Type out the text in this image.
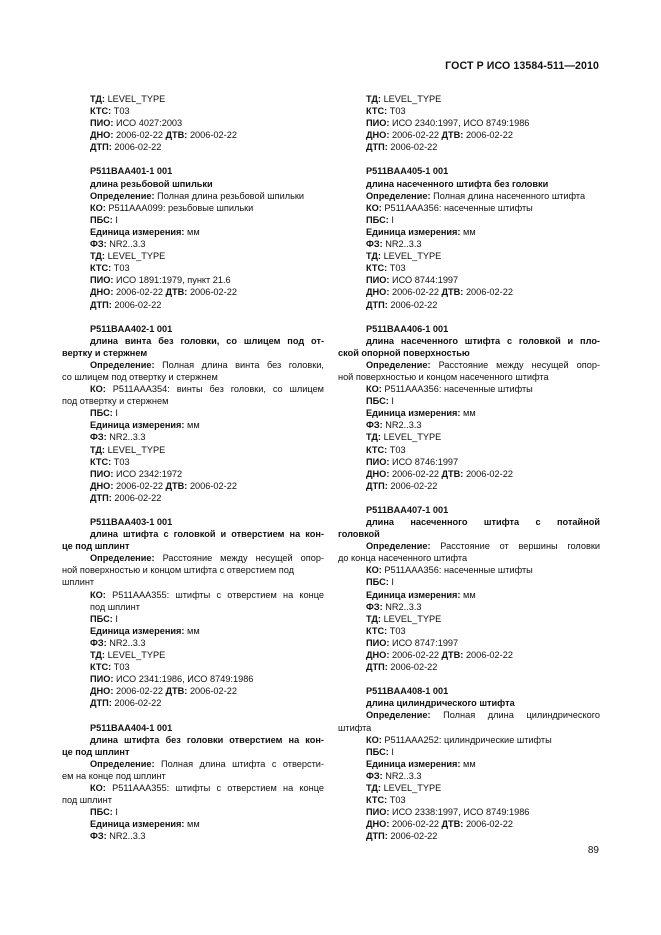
ГОСТ Р ИСО 13584-511—2010
ТД: LEVEL_TYPE
КТС: T03
ПИО: ИСО 4027:2003
ДНО: 2006-02-22 ДТВ: 2006-02-22
ДТП: 2006-02-22
P511BAA401-1 001
длина резьбовой шпильки
Определение: Полная длина резьбовой шпильки
КО: P511AAA099: резьбовые шпильки
ПБС: I
Единица измерения: мм
ФЗ: NR2..3.3
ТД: LEVEL_TYPE
КТС: T03
ПИО: ИСО 1891:1979, пункт 21.6
ДНО: 2006-02-22 ДТВ: 2006-02-22
ДТП: 2006-02-22
P511BAA402-1 001
длина винта без головки, со шлицем под от-
вертку и стержнем
Определение: Полная длина винта без головки,
со шлицем под отвертку и стержнем
КО: P511AAA354: винты без головки, со шлицем
под отвертку и стержнем
ПБС: I
Единица измерения: мм
ФЗ: NR2..3.3
ТД: LEVEL_TYPE
КТС: T03
ПИО: ИСО 2342:1972
ДНО: 2006-02-22 ДТВ: 2006-02-22
ДТП: 2006-02-22
P511BAA403-1 001
длина штифта с головкой и отверстием на кон-
це под шплинт
Определение: Расстояние между несущей опор-
ной поверхностью и концом штифта с отверстием под
шплинт
КО: P511AAA355: штифты с отверстием на конце
под шплинт
ПБС: I
Единица измерения: мм
ФЗ: NR2..3.3
ТД: LEVEL_TYPE
КТС: T03
ПИО: ИСО 2341:1986, ИСО 8749:1986
ДНО: 2006-02-22 ДТВ: 2006-02-22
ДТП: 2006-02-22
P511BAA404-1 001
длина штифта без головки отверстием на кон-
це под шплинт
Определение: Полная длина штифта с отверсти-
ем на конце под шплинт
КО: P511AAA355: штифты с отверстием на конце
под шплинт
ПБС: I
Единица измерения: мм
ФЗ: NR2..3.3
ТД: LEVEL_TYPE
КТС: T03
ПИО: ИСО 2340:1997, ИСО 8749:1986
ДНО: 2006-02-22 ДТВ: 2006-02-22
ДТП: 2006-02-22
P511BAA405-1 001
длина насеченного штифта без головки
Определение: Полная длина насеченного штифта
КО: P511AAA356: насеченные штифты
ПБС: I
Единица измерения: мм
ФЗ: NR2..3.3
ТД: LEVEL_TYPE
КТС: T03
ПИО: ИСО 8744:1997
ДНО: 2006-02-22 ДТВ: 2006-02-22
ДТП: 2006-02-22
P511BAA406-1 001
длина насеченного штифта с головкой и пло-
ской опорной поверхностью
Определение: Расстояние между несущей опор-
ной поверхностью и концом насеченного штифта
КО: P511AAA356: насеченные штифты
ПБС: I
Единица измерения: мм
ФЗ: NR2..3.3
ТД: LEVEL_TYPE
КТС: T03
ПИО: ИСО 8746:1997
ДНО: 2006-02-22 ДТВ: 2006-02-22
ДТП: 2006-02-22
P511BAA407-1 001
длина насеченного штифта с потайной
головкой
Определение: Расстояние от вершины головки
до конца насеченного штифта
КО: P511AAA356: насеченные штифты
ПБС: I
Единица измерения: мм
ФЗ: NR2..3.3
ТД: LEVEL_TYPE
КТС: T03
ПИО: ИСО 8747:1997
ДНО: 2006-02-22 ДТВ: 2006-02-22
ДТП: 2006-02-22
P511BAA408-1 001
длина цилиндрического штифта
Определение: Полная длина цилиндрического
штифта
КО: P511AAA252: цилиндрические штифты
ПБС: I
Единица измерения: мм
ФЗ: NR2..3.3
ТД: LEVEL_TYPE
КТС: T03
ПИО: ИСО 2338:1997, ИСО 8749:1986
ДНО: 2006-02-22 ДТВ: 2006-02-22
ДТП: 2006-02-22
89
